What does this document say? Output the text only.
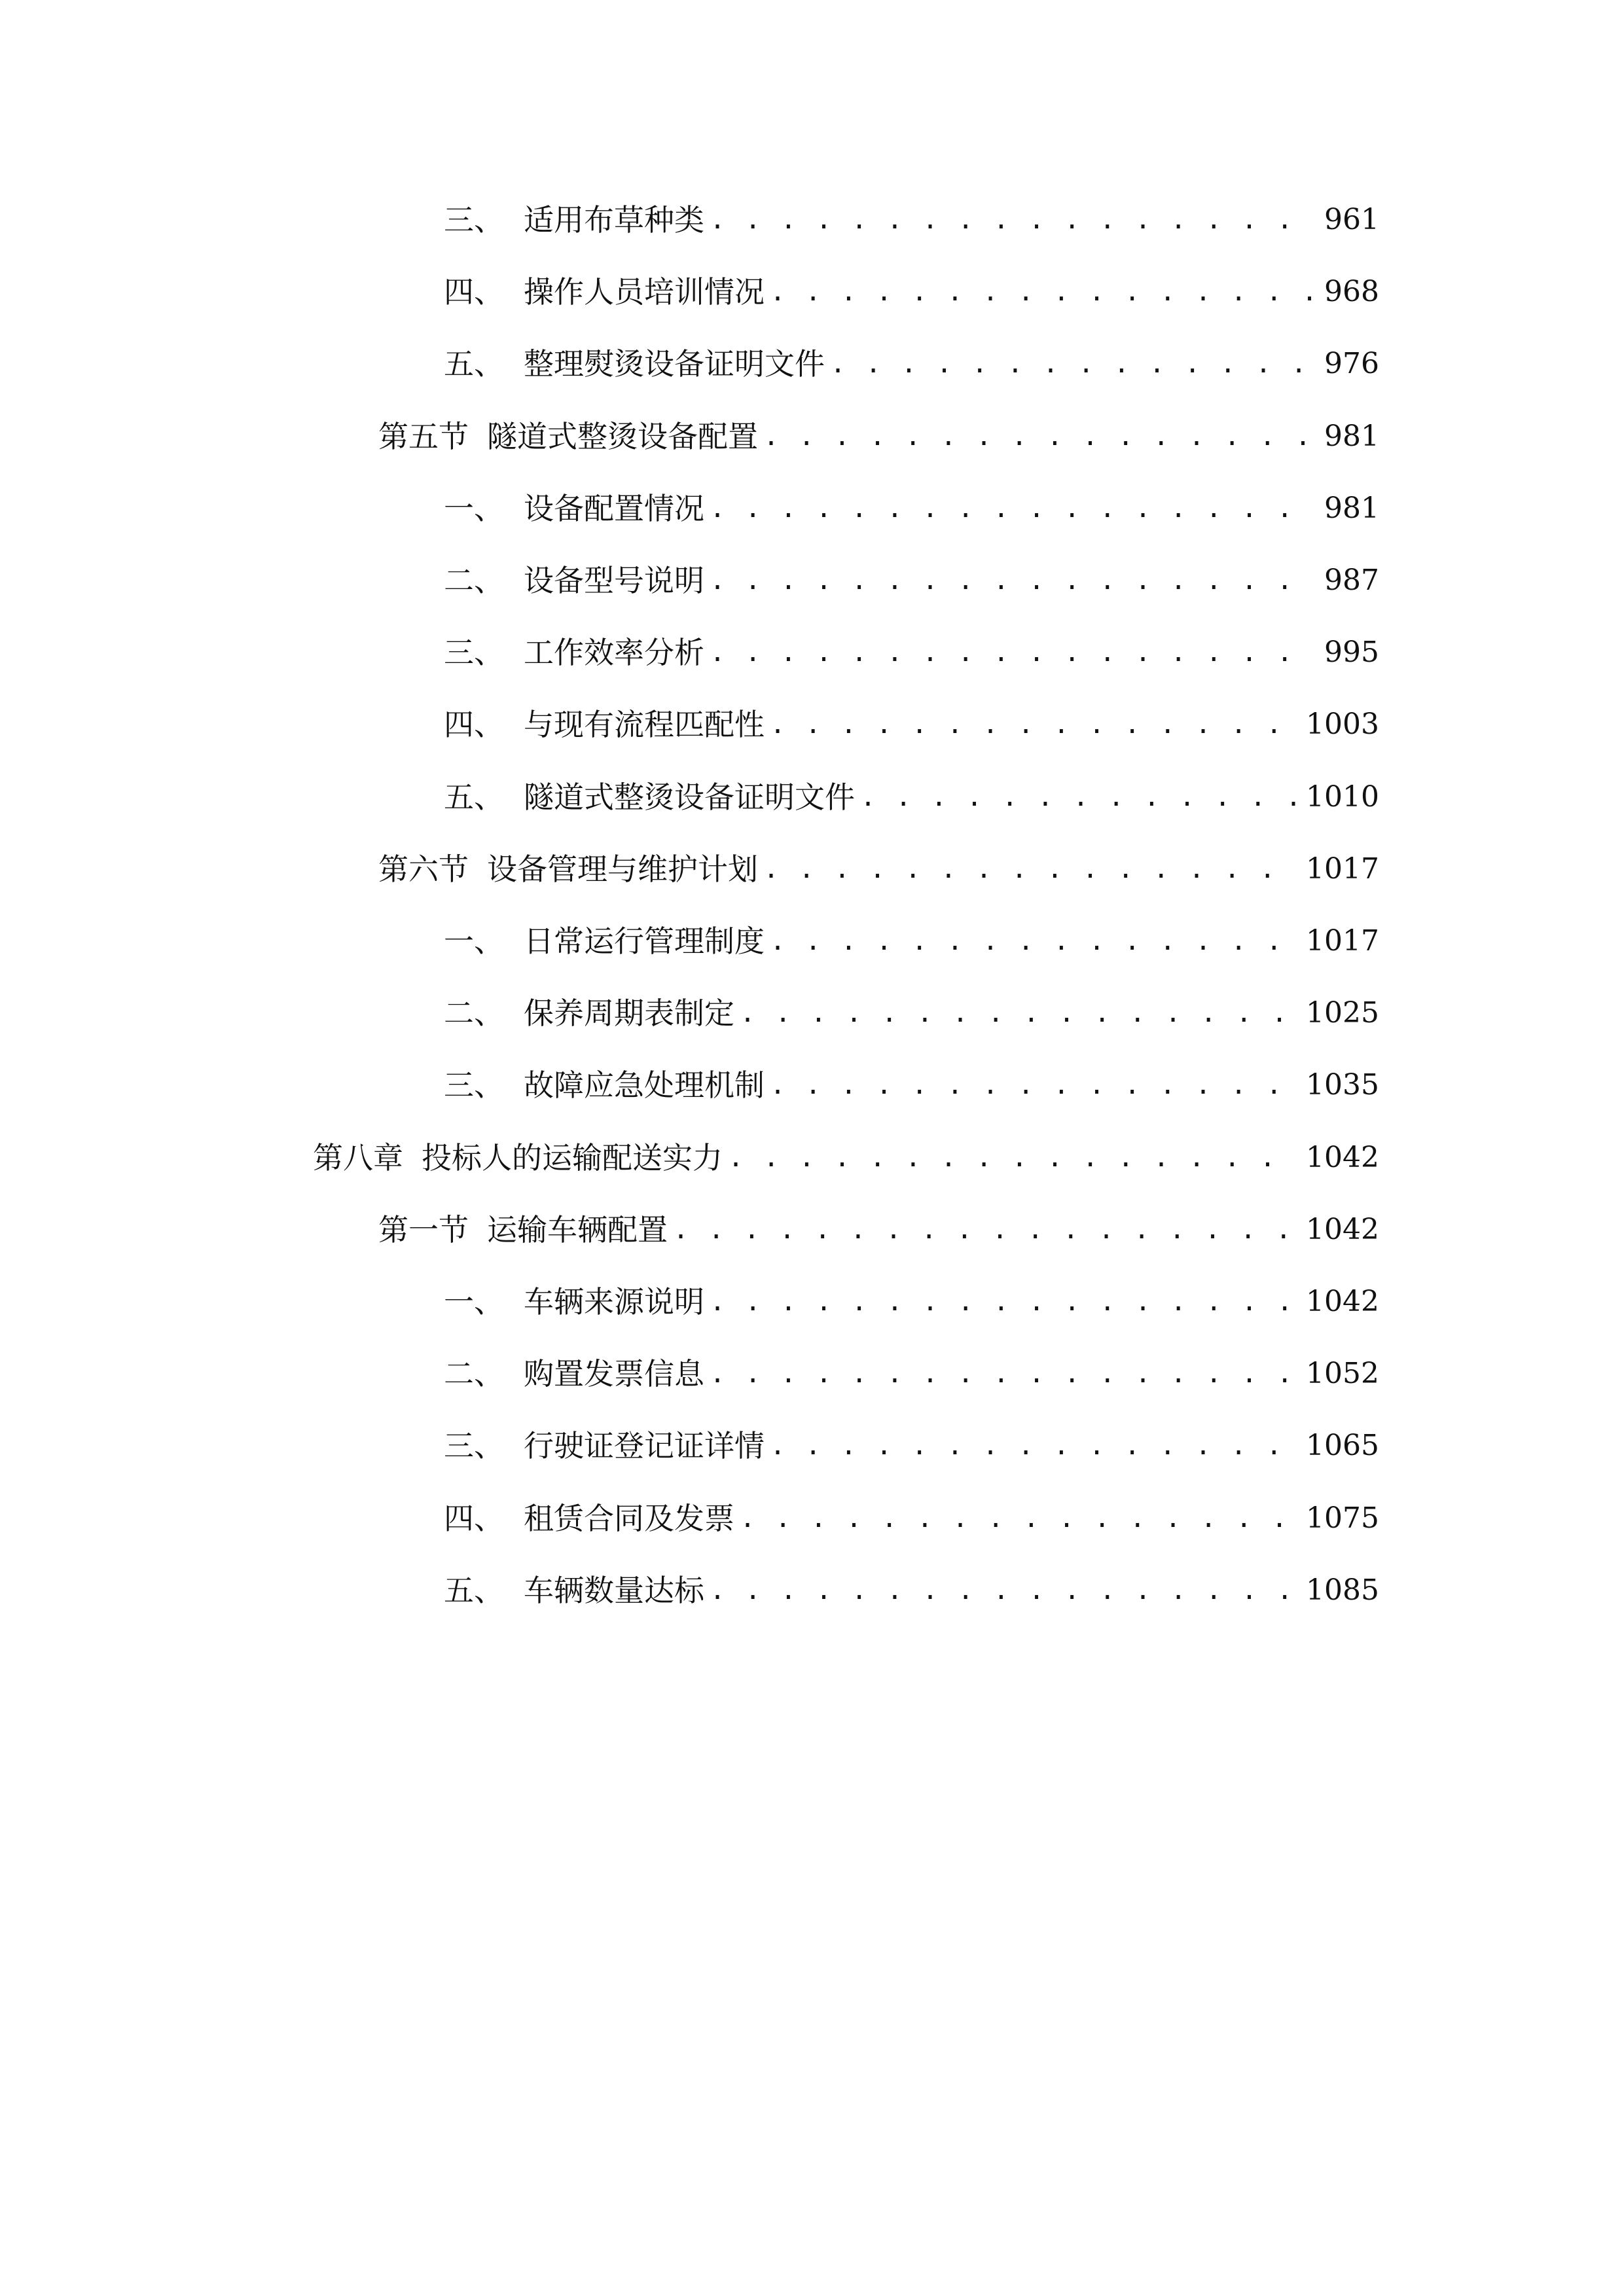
三、 适用布草种类 . . .	961
四、 操作人员培训情况 . . .	968
五、 整理熨烫设备证明文件 . . .	976
第五节 隧道式整烫设备配置 . . .	981
一、 设备配置情况 . . .	981
二、 设备型号说明 . . .	987
三、 工作效率分析 . . .	995
四、 与现有流程匹配性 . . .	1003
五、 隧道式整烫设备证明文件 . . .	1010
第六节 设备管理与维护计划 . . .	1017
一、 日常运行管理制度 . . .	1017
二、 保养周期表制定 . . .	1025
三、 故障应急处理机制 . . .	1035
第八章 投标人的运输配送实力 . . .	1042
第一节 运输车辆配置 . . .	1042
一、 车辆来源说明 . . .	1042
二、 购置发票信息 . . .	1052
三、 行驶证登记证详情 . . .	1065
四、 租赁合同及发票 . . .	1075
五、 车辆数量达标 . . .	1085
